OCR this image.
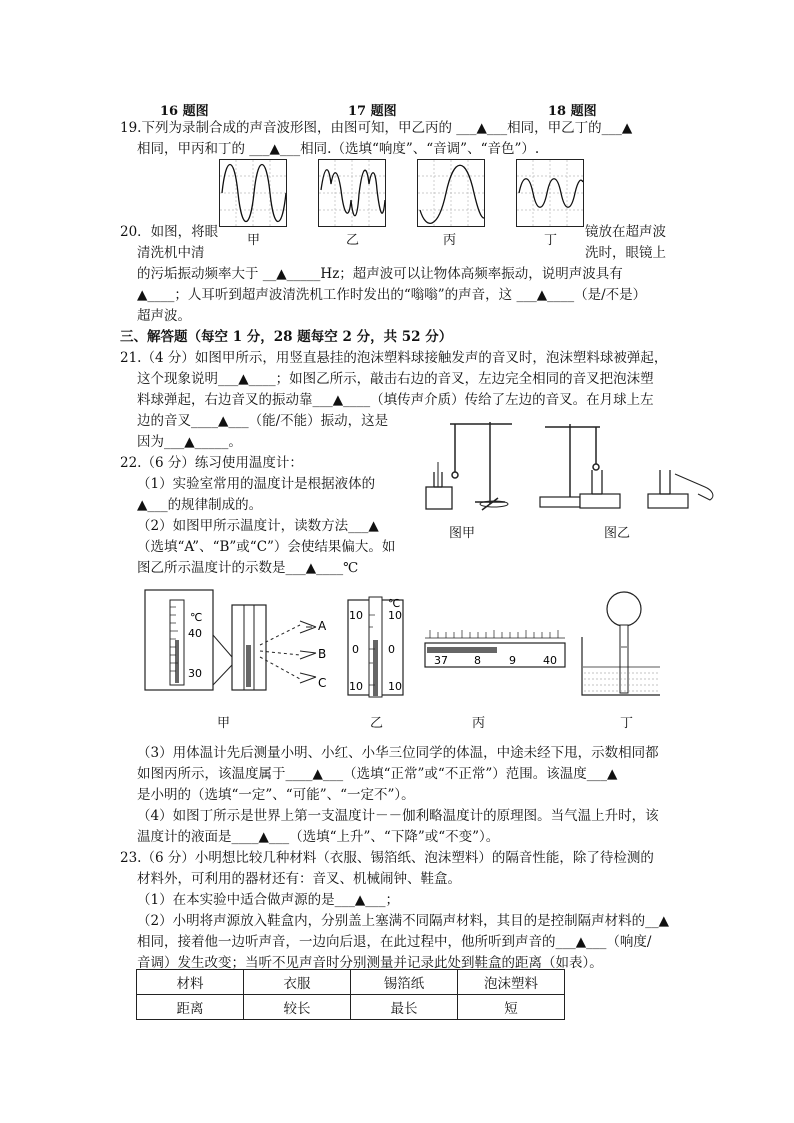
16 题图	17 题图	18 题图
19.下列为录制合成的声音波形图，由图可知，甲乙丙的 ___▲___相同，甲乙丁的___▲
相同，甲丙和丁的 ___▲___相同.（选填“响度”、“音调”、“音色”）.
甲	乙	丙	丁
20．如图，将眼	镜放在超声波
清洗机中清	洗时，眼镜上
的污垢振动频率大于 __▲_____Hz；超声波可以让物体高频率振动，说明声波具有
▲____；人耳听到超声波清洗机工作时发出的“嗡嗡”的声音，这 ___▲____（是/不是）
超声波。
三、解答题（每空 1 分，28 题每空 2 分，共 52 分）
21.（4 分）如图甲所示，用竖直悬挂的泡沫塑料球接触发声的音叉时，泡沫塑料球被弹起，
这个现象说明___▲____；如图乙所示，敲击右边的音叉，左边完全相同的音叉把泡沫塑
料球弹起，右边音叉的振动靠___▲____（填传声介质）传给了左边的音叉。在月球上左
边的音叉____▲___（能/不能）振动，这是
因为___▲_____。
图甲	图乙
22.（6 分）练习使用温度计：
（1）实验室常用的温度计是根据液体的
▲___的规律制成的。
（2）如图甲所示温度计，读数方法___▲
（选填“A”、“B”或“C”）会使结果偏大。如
图乙所示温度计的示数是___▲____℃
℃
40
30
A
B
C
℃
10
0
10
10
0
10
37 8	9 40
甲	乙	丙	丁
（3）用体温计先后测量小明、小红、小华三位同学的体温，中途未经下甩，示数相同都
如图丙所示，该温度属于____▲___（选填“正常”或“不正常”）范围。该温度___▲
是小明的（选填“一定”、“可能”、“一定不”）。
（4）如图丁所示是世界上第一支温度计－－伽利略温度计的原理图。当气温上升时，该
温度计的液面是____▲___（选填“上升”、“下降”或“不变”）。
23.（6 分）小明想比较几种材料（衣服、锡箔纸、泡沫塑料）的隔音性能，除了待检测的
材料外，可利用的器材还有：音叉、机械闹钟、鞋盒。
（1）在本实验中适合做声源的是___▲___；
（2）小明将声源放入鞋盒内，分别盖上塞满不同隔声材料，其目的是控制隔声材料的__▲
相同，接着他一边听声音，一边向后退，在此过程中，他所听到声音的___▲___（响度/
音调）发生改变；当听不见声音时分别测量并记录此处到鞋盒的距离（如表）。
材料	衣服	锡箔纸	泡沫塑料
距离	较长	最长	短
